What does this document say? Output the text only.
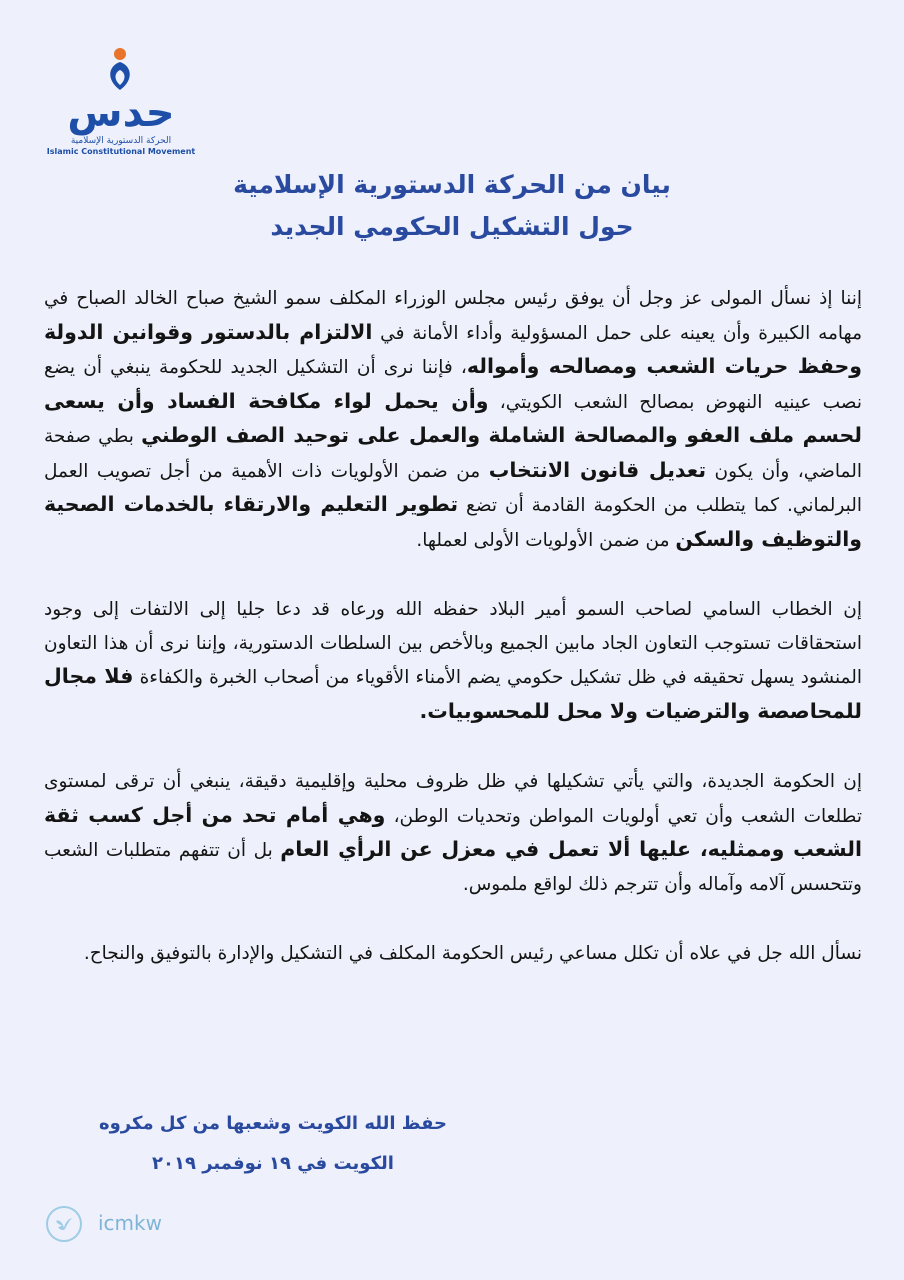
حدس
الحركة الدستورية الإسلامية
Islamic Constitutional Movement
بيان من الحركة الدستورية الإسلامية
حول التشكيل الحكومي الجديد

إننا إذ نسأل المولى عز وجل أن يوفق رئيس مجلس الوزراء المكلف سمو الشيخ صباح الخالد الصباح في مهامه الكبيرة وأن يعينه على حمل المسؤولية وأداء الأمانة في الالتزام بالدستور وقوانين الدولة وحفظ حريات الشعب ومصالحه وأمواله، فإننا نرى أن التشكيل الجديد للحكومة ينبغي أن يضع نصب عينيه النهوض بمصالح الشعب الكويتي، وأن يحمل لواء مكافحة الفساد وأن يسعى لحسم ملف العفو والمصالحة الشاملة والعمل على توحيد الصف الوطني بطي صفحة الماضي، وأن يكون تعديل قانون الانتخاب من ضمن الأولويات ذات الأهمية من أجل تصويب العمل البرلماني. كما يتطلب من الحكومة القادمة أن تضع تطوير التعليم والارتقاء بالخدمات الصحية والتوظيف والسكن من ضمن الأولويات الأولى لعملها.

إن الخطاب السامي لصاحب السمو أمير البلاد حفظه الله ورعاه قد دعا جليا إلى الالتفات إلى وجود استحقاقات تستوجب التعاون الجاد مابين الجميع وبالأخص بين السلطات الدستورية، وإننا نرى أن هذا التعاون المنشود يسهل تحقيقه في ظل تشكيل حكومي يضم الأمناء الأقوياء من أصحاب الخبرة والكفاءة فلا مجال للمحاصصة والترضيات ولا محل للمحسوبيات.

إن الحكومة الجديدة، والتي يأتي تشكيلها في ظل ظروف محلية وإقليمية دقيقة، ينبغي أن ترقى لمستوى تطلعات الشعب وأن تعي أولويات المواطن وتحديات الوطن، وهي أمام تحد من أجل كسب ثقة الشعب وممثليه، عليها ألا تعمل في معزل عن الرأي العام بل أن تتفهم متطلبات الشعب وتتحسس آلامه وآماله وأن تترجم ذلك لواقع ملموس.

نسأل الله جل في علاه أن تكلل مساعي رئيس الحكومة المكلف في التشكيل والإدارة بالتوفيق والنجاح.

حفظ الله الكويت وشعبها من كل مكروه
الكويت في ١٩ نوفمبر ٢٠١٩
icmkw
